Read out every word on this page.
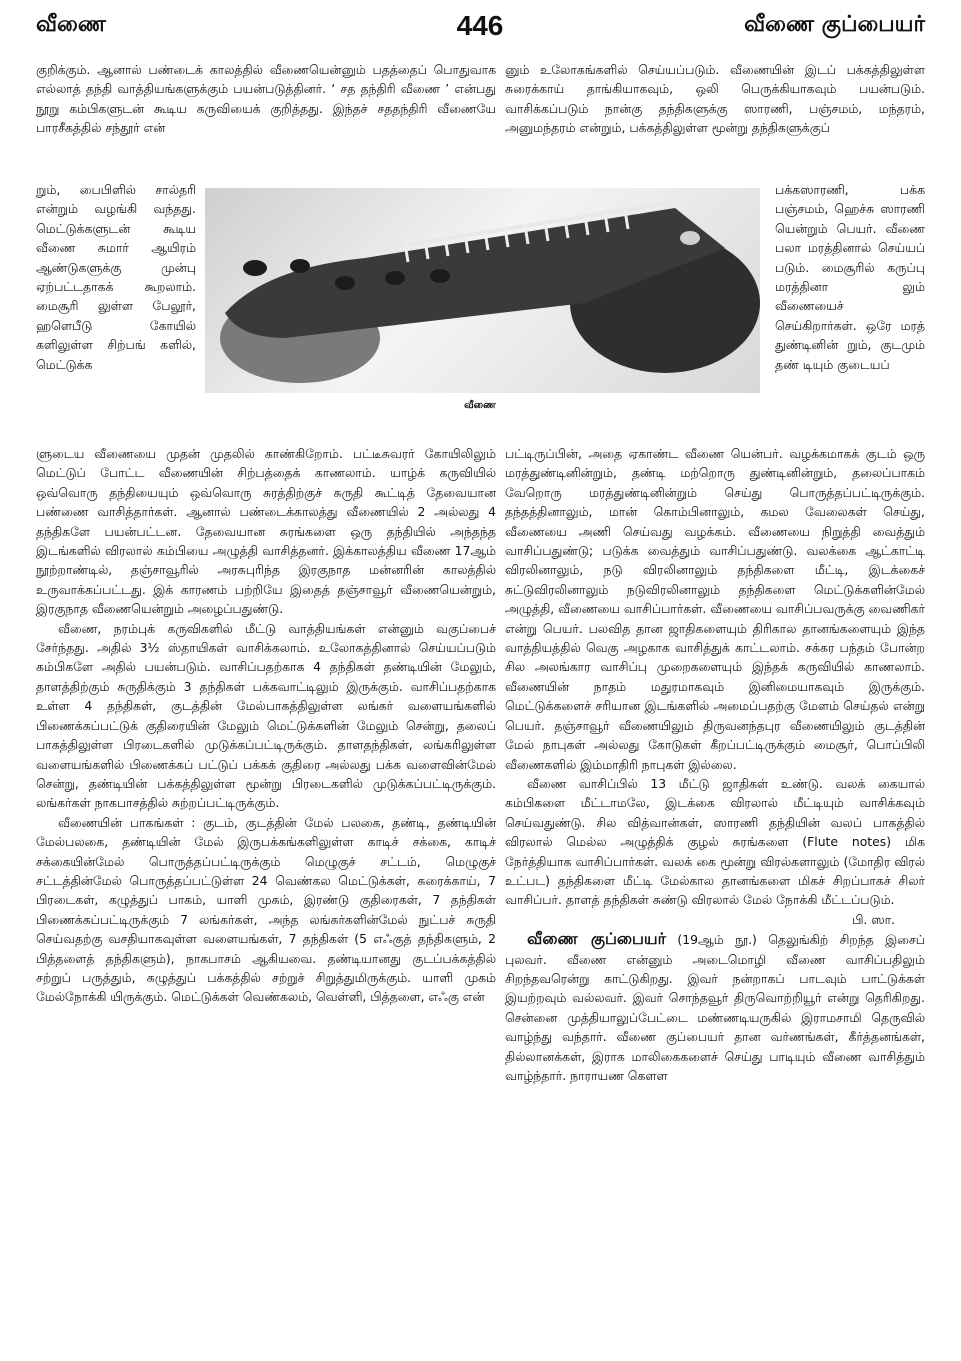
வீணை	446	வீணை குப்பையர்

குறிக்கும். ஆனால் பண்டைக் காலத்தில் வீணையென்னும் பதத்தைப் பொதுவாக எல்லாத் தந்தி வாத்தியங்களுக்கும் பயன்படுத்தினர். ‘ சத தந்திரி வீணை ’ என்பது நூறு கம்பிகளுடன் கூடிய கருவியைக் குறித்தது. இந்தச் சததந்திரி வீணையே பாரசீகத்தில் சந்தூர் என்

றும், பைபிளில் சால்தரி என்றும் வழங்கி வந்தது. மெட்டுக்களுடன் கூடிய வீணை சுமார் ஆயிரம் ஆண்டுகளுக்கு முன்பு ஏற்பட்டதாகக் கூறலாம். மைசூரி லுள்ள பேலூர், ஹளெபீடு கோயில் களிலுள்ள சிற்பங் களில், மெட்டுக்க

ளுடைய வீணையை முதன் முதலில் காண்கிறோம். பட்டீசுவரர் கோயிலிலும் மெட்டுப் போட்ட வீணையின் சிற்பத்தைக் காணலாம். யாழ்க் கருவியில் ஒவ்வொரு தந்தியையும் ஒவ்வொரு சுரத்திற்குச் சுருதி கூட்டித் தேவையான பண்ணை வாசித்தார்கள். ஆனால் பண்டைக்காலத்து வீணையில் 2 அல்லது 4 தந்திகளே பயன்பட்டன. தேவையான சுரங்களை ஒரு தந்தியில் அந்தந்த இடங்களில் விரலால் கம்பியை அழுத்தி வாசித்தனர். இக்காலத்திய வீணை 17ஆம் நூற்றாண்டில், தஞ்சாவூரில் அரசுபுரிந்த இரகுநாத மன்னரின் காலத்தில் உருவாக்கப்பட்டது. இக் காரணம் பற்றியே இதைத் தஞ்சாவூர் வீணையென்றும், இரகுநாத வீணையென்றும் அழைப்பதுண்டு.

வீணை, நரம்புக் கருவிகளில் மீட்டு வாத்தியங்கள் என்னும் வகுப்பைச் சேர்ந்தது. அதில் 3½ ஸ்தாயிகள் வாசிக்கலாம். உலோகத்தினால் செய்யப்படும் கம்பிகளே அதில் பயன்படும். வாசிப்பதற்காக 4 தந்திகள் தண்டியின் மேலும், தாளத்திற்கும் சுருதிக்கும் 3 தந்திகள் பக்கவாட்டிலும் இருக்கும். வாசிப்பதற்காக உள்ள 4 தந்திகள், குடத்தின் மேல்பாகத்திலுள்ள லங்கர் வளையங்களில் பிணைக்கப்பட்டுக் குதிரையின் மேலும் மெட்டுக்களின் மேலும் சென்று, தலைப் பாகத்திலுள்ள பிரடைகளில் முடுக்கப்பட்டிருக்கும். தாளதந்திகள், லங்கரிலுள்ள வளையங்களில் பிணைக்கப் பட்டுப் பக்கக் குதிரை அல்லது பக்க வளைவின்மேல் சென்று, தண்டியின் பக்கத்திலுள்ள மூன்று பிரடைகளில் முடுக்கப்பட்டிருக்கும். லங்கர்கள் நாகபாசத்தில் சுற்றப்பட்டிருக்கும்.

வீணையின் பாகங்கள் : குடம், குடத்தின் மேல் பலகை, தண்டி, தண்டியின் மேல்பலகை, தண்டியின் மேல் இருபக்கங்களிலுள்ள காடிச் சக்கை, காடிச் சக்கையின்மேல் பொருத்தப்பட்டிருக்கும் மெழுகுச் சட்டம், மெழுகுச் சட்டத்தின்மேல் பொருத்தப்பட்டுள்ள 24 வெண்கல மெட்டுக்கள், சுரைக்காய், 7 பிரடைகள், கழுத்துப் பாகம், யாளி முகம், இரண்டு குதிரைகள், 7 தந்திகள் பிணைக்கப்பட்டிருக்கும் 7 லங்கர்கள், அந்த லங்கர்களின்மேல் நுட்பச் சுருதி செய்வதற்கு வசதியாகவுள்ள வளையங்கள், 7 தந்திகள் (5 எஃகுத் தந்திகளும், 2 பித்தளைத் தந்திகளும்), நாகபாசம் ஆகியவை. தண்டியானது குடப்பக்கத்தில் சற்றுப் பருத்தும், கழுத்துப் பக்கத்தில் சற்றுச் சிறுத்துமிருக்கும். யாளி முகம் மேல்நோக்கி யிருக்கும். மெட்டுக்கள் வெண்கலம், வெள்ளி, பித்தளை, எஃகு என்

னும் உலோகங்களில் செய்யப்படும். வீணையின் இடப் பக்கத்திலுள்ள சுரைக்காய் தாங்கியாகவும், ஒலி பெருக்கியாகவும் பயன்படும். வாசிக்கப்படும் நான்கு தந்திகளுக்கு ஸாரணி, பஞ்சமம், மந்தரம், அனுமந்தரம் என்றும், பக்கத்திலுள்ள மூன்று தந்திகளுக்குப்

பக்கஸாரணி, பக்க பஞ்சமம், ஹெச்சு ஸாரணி யென்றும் பெயர். வீணை பலா மரத்தினால் செய்யப் படும். மைசூரில் கருப்பு மரத்தினா லும் வீணையைச் செய்கிறார்கள். ஒரே மரத் துண்டினின் றும், குடமும் தண் டியும் குடையப்

பட்டிருப்பின், அதை ஏகாண்ட வீணை யென்பர். வழக்கமாகக் குடம் ஒரு மரத்துண்டினின்றும், தண்டி மற்றொரு துண்டினின்றும், தலைப்பாகம் வேறொரு மரத்துண்டினின்றும் செய்து பொருத்தப்பட்டிருக்கும். தந்தத்தினாலும், மான் கொம்பினாலும், கமல வேலைகள் செய்து, வீணையை அணி செய்வது வழக்கம். வீணையை நிறுத்தி வைத்தும் வாசிப்பதுண்டு; படுக்க வைத்தும் வாசிப்பதுண்டு. வலக்கை ஆட்காட்டி விரலினாலும், நடு விரலினாலும் தந்திகளை மீட்டி, இடக்கைச் சுட்டுவிரலினாலும் நடுவிரலினாலும் தந்திகளை மெட்டுக்களின்மேல் அழுத்தி, வீணையை வாசிப்பார்கள். வீணையை வாசிப்பவருக்கு வைணிகர் என்று பெயர். பலவித தான ஜாதிகளையும் திரிகால தானங்களையும் இந்த வாத்தியத்தில் வெகு அழகாக வாசித்துக் காட்டலாம். சக்கர பந்தம் போன்ற சில அலங்கார வாசிப்பு முறைகளையும் இந்தக் கருவியில் காணலாம். வீணையின் நாதம் மதுரமாகவும் இனிமையாகவும் இருக்கும். மெட்டுக்களைச் சரியான இடங்களில் அமைப்பதற்கு மேளம் செய்தல் என்று பெயர். தஞ்சாவூர் வீணையிலும் திருவனந்தபுர வீணையிலும் குடத்தின் மேல் நாபுகள் அல்லது கோடுகள் கீறப்பட்டிருக்கும் மைசூர், பொப்பிலி வீணைகளில் இம்மாதிரி நாபுகள் இல்லை.

வீணை வாசிப்பில் 13 மீட்டு ஜாதிகள் உண்டு. வலக் கையால் கம்பிகளை மீட்டாமலே, இடக்கை விரலால் மீட்டியும் வாசிக்கவும் செய்வதுண்டு. சில வித்வான்கள், ஸாரணி தந்தியின் வலப் பாகத்தில் விரலால் மெல்ல அழுத்திக் குழல் சுரங்களை (Flute notes) மிக நேர்த்தியாக வாசிப்பார்கள். வலக் கை மூன்று விரல்களாலும் (மோதிர விரல் உட்பட) தந்திகளை மீட்டி மேல்கால தானங்களை மிகச் சிறப்பாகச் சிலர் வாசிப்பர். தாளத் தந்திகள் சுண்டு விரலால் மேல் நோக்கி மீட்டப்படும்.

பி. ஸா.

வீணை குப்பையர் (19ஆம் நூ.) தெலுங்கிற் சிறந்த இசைப் புலவர். வீணை என்னும் அடைமொழி வீணை வாசிப்பதிலும் சிறந்தவரென்று காட்டுகிறது. இவர் நன்றாகப் பாடவும் பாட்டுக்கள் இயற்றவும் வல்லவர். இவர் சொந்தவூர் திருவொற்றியூர் என்று தெரிகிறது. சென்னை முத்தியாலுப்பேட்டை மண்ணடியருகில் இராமசாமி தெருவில் வாழ்ந்து வந்தார். வீணை குப்பையர் தான வர்ணங்கள், கீர்த்தனங்கள், தில்லானக்கள், இராக மாலிகைகளைச் செய்து பாடியும் வீணை வாசித்தும் வாழ்ந்தார். நாராயண கௌள

வீணை
